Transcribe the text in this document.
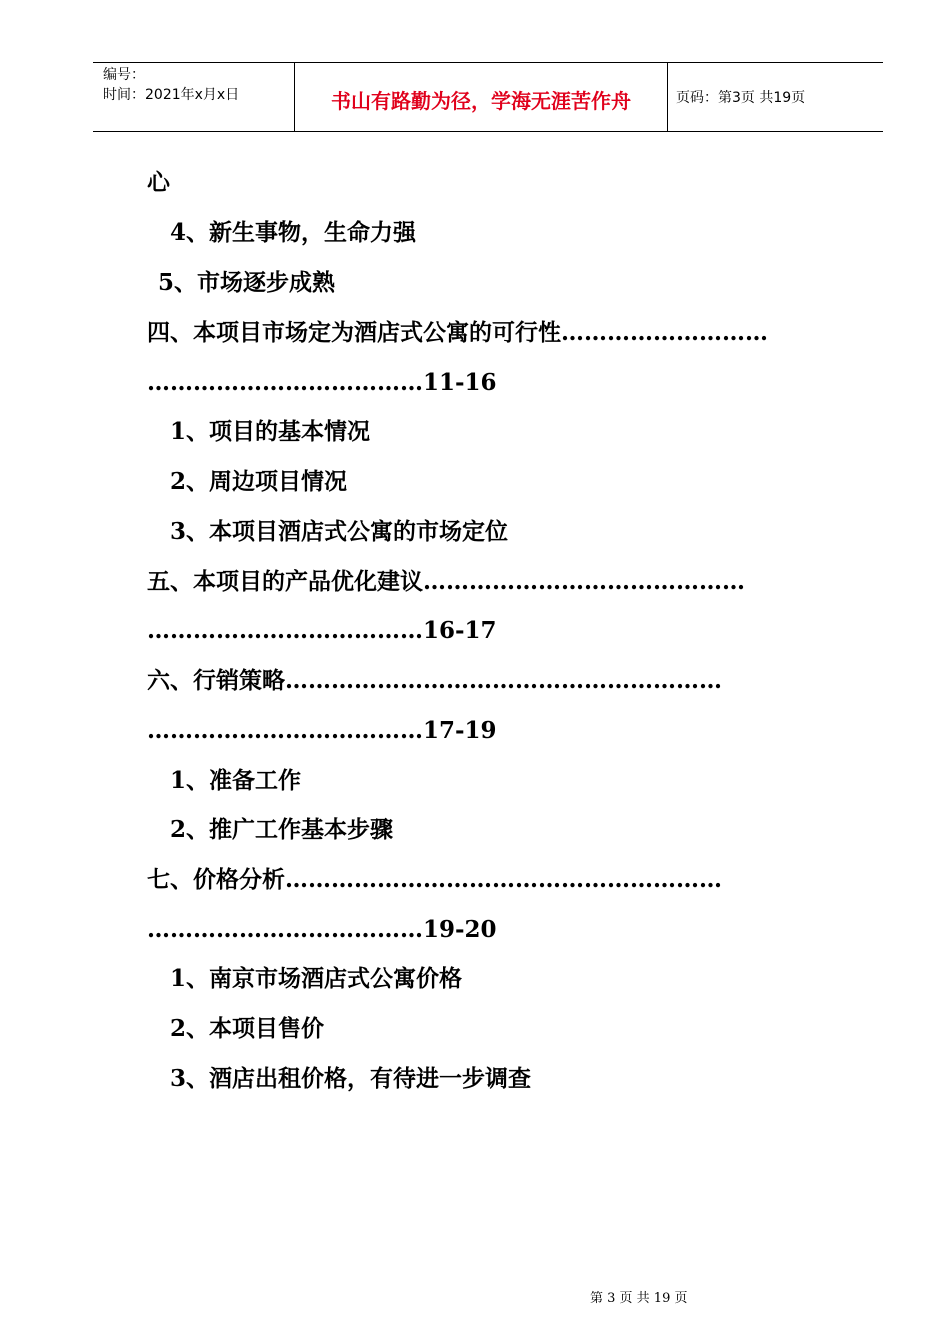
编号：
时间：2021年x月x日	书山有路勤为径，学海无涯苦作舟	页码：第3页 共19页
心
4、新生事物，生命力强
5、市场逐步成熟
四、本项目市场定为酒店式公寓的可行性………………………
………………………………11-16
1、项目的基本情况
2、周边项目情况
3、本项目酒店式公寓的市场定位
五、本项目的产品优化建议……………………………………
………………………………16-17
六、行销策略…………………………………………………
………………………………17-19
1、准备工作
2、推广工作基本步骤
七、价格分析…………………………………………………
………………………………19-20
1、南京市场酒店式公寓价格
2、本项目售价
3、酒店出租价格，有待进一步调查
第 3 页 共 19 页
